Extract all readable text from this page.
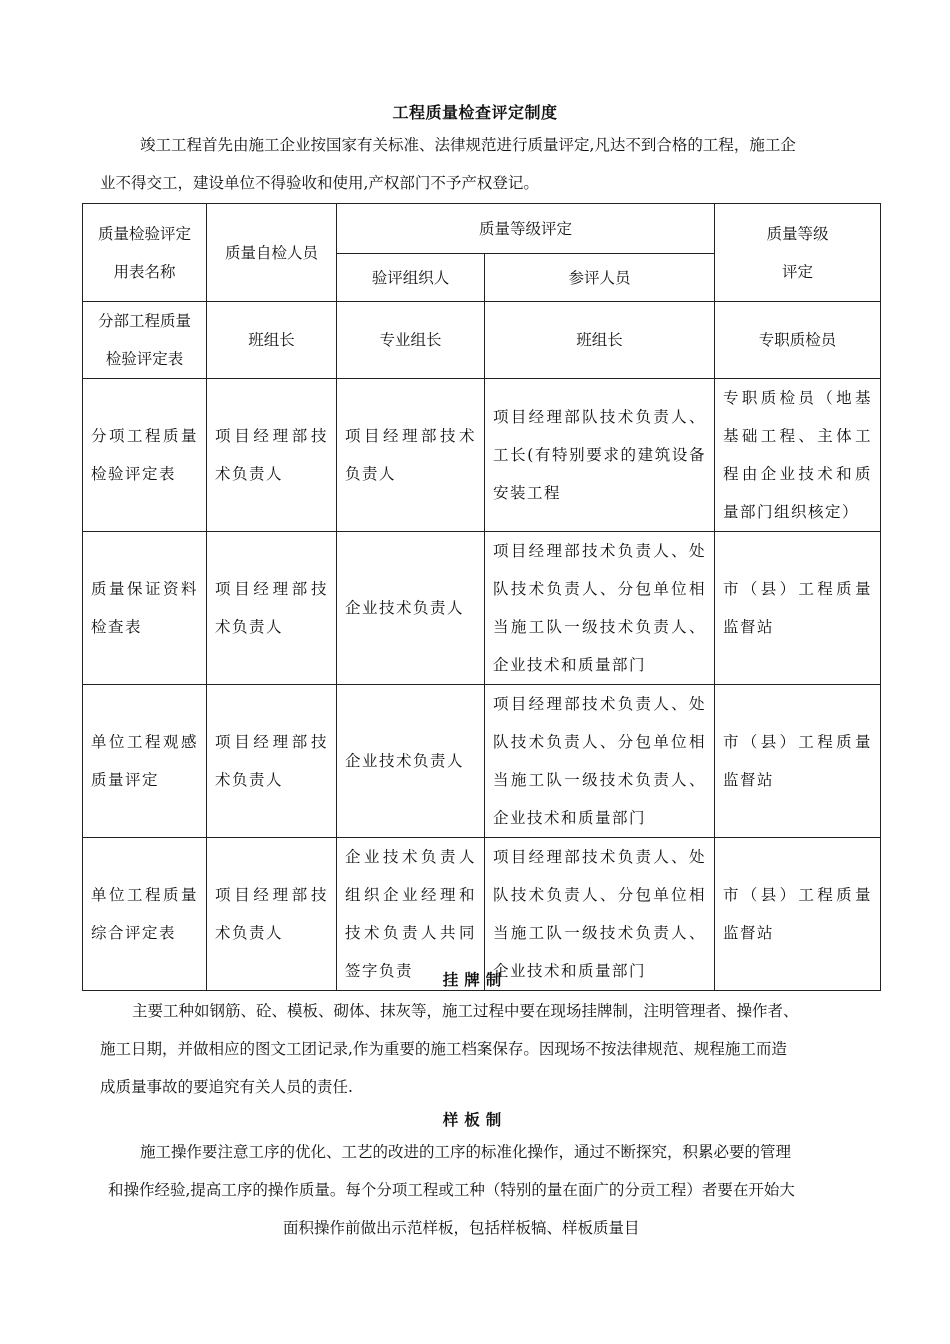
工程质量检查评定制度
竣工工程首先由施工企业按国家有关标准、法律规范进行质量评定,凡达不到合格的工程，施工企
业不得交工，建设单位不得验收和使用,产权部门不予产权登记。
质量检验评定用表名称	质量自检人员	质量等级评定		质量等级
评定
		验评组织人	参评人员	
分部工程质量检验评定表	班组长	专业组长	班组长	专职质检员
分项工程质量检验评定表	项目经理部技术负责人	项目经理部技术负责人	项目经理部队技术负责人、工长(有特别要求的建筑设备安装工程	专职质检员（地基基础工程、主体工程由企业技术和质量部门组织核定）
质量保证资料检查表	项目经理部技术负责人	企业技术负责人	项目经理部技术负责人、处队技术负责人、分包单位相当施工队一级技术负责人、企业技术和质量部门	市（县）工程质量监督站
单位工程观感质量评定	项目经理部技术负责人	企业技术负责人	项目经理部技术负责人、处队技术负责人、分包单位相当施工队一级技术负责人、企业技术和质量部门	市（县）工程质量监督站
单位工程质量综合评定表	项目经理部技术负责人	企业技术负责人组织企业经理和技术负责人共同签字负责	项目经理部技术负责人、处队技术负责人、分包单位相当施工队一级技术负责人、企业技术和质量部门	市（县）工程质量监督站
挂牌制
主要工种如钢筋、砼、模板、砌体、抹灰等，施工过程中要在现场挂牌制，注明管理者、操作者、
施工日期，并做相应的图文工团记录,作为重要的施工档案保存。因现场不按法律规范、规程施工而造
成质量事故的要追究有关人员的责任.
样板制
施工操作要注意工序的优化、工艺的改进的工序的标准化操作，通过不断探究，积累必要的管理
和操作经验,提高工序的操作质量。每个分项工程或工种（特别的量在面广的分贡工程）者要在开始大
面积操作前做出示范样板，包括样板犒、样板质量目
